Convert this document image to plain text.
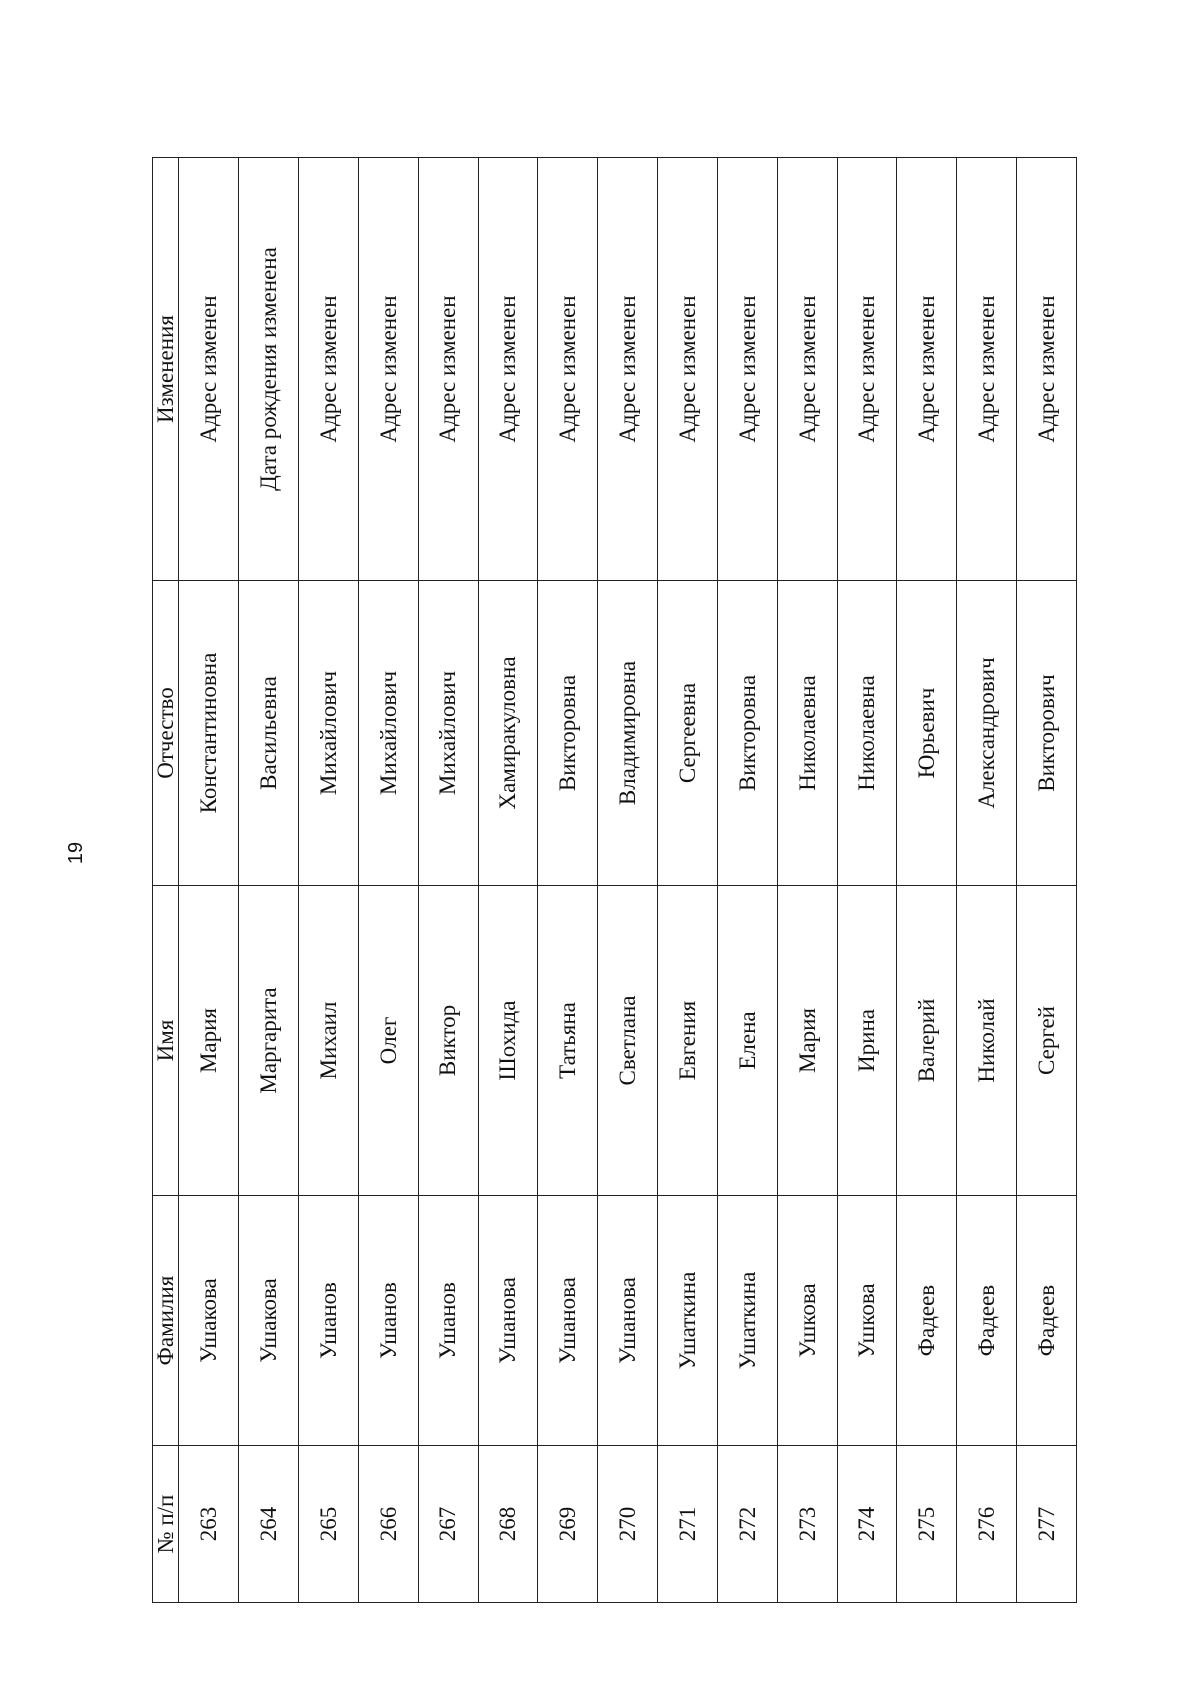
19
№ п/п	Фамилия	Имя	Отчество	Изменения
263	Ушакова	Мария	Константиновна	Адрес изменен
264	Ушакова	Маргарита	Васильевна	Дата рождения изменена
265	Ушанов	Михаил	Михайлович	Адрес изменен
266	Ушанов	Олег	Михайлович	Адрес изменен
267	Ушанов	Виктор	Михайлович	Адрес изменен
268	Ушанова	Шохида	Хамиракуловна	Адрес изменен
269	Ушанова	Татьяна	Викторовна	Адрес изменен
270	Ушанова	Светлана	Владимировна	Адрес изменен
271	Ушаткина	Евгения	Сергеевна	Адрес изменен
272	Ушаткина	Елена	Викторовна	Адрес изменен
273	Ушкова	Мария	Николаевна	Адрес изменен
274	Ушкова	Ирина	Николаевна	Адрес изменен
275	Фадеев	Валерий	Юрьевич	Адрес изменен
276	Фадеев	Николай	Александрович	Адрес изменен
277	Фадеев	Сергей	Викторович	Адрес изменен
